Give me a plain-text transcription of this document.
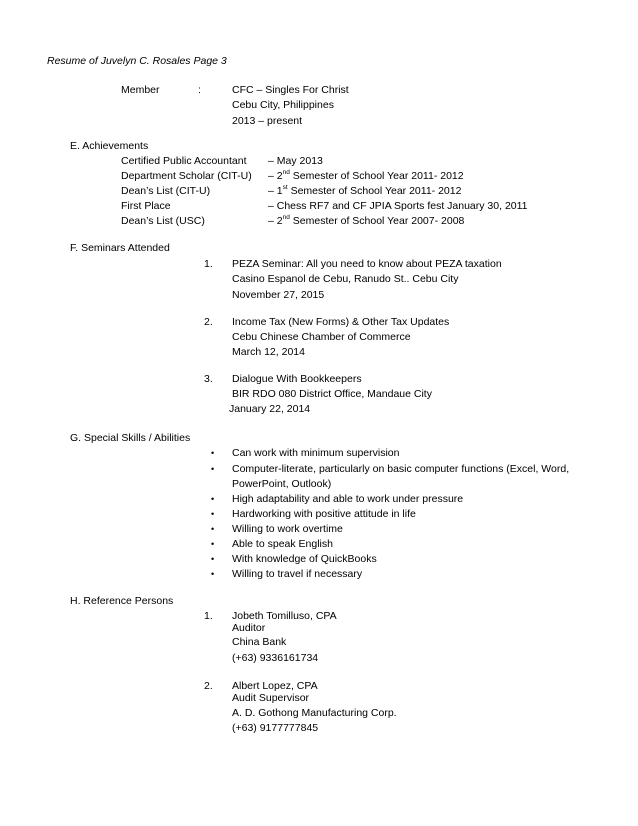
Resume of Juvelyn C. Rosales Page 3
Member	:	CFC – Singles For Christ
Cebu City, Philippines
2013 – present
E. Achievements
Certified Public Accountant – May 2013
Department Scholar (CIT-U) – 2nd Semester of School Year 2011- 2012
Dean’s List (CIT-U)	– 1st Semester of School Year 2011- 2012
First Place	– Chess RF7 and CF JPIA Sports fest January 30, 2011
Dean’s List (USC)	– 2nd Semester of School Year 2007- 2008
F. Seminars Attended
1. PEZA Seminar: All you need to know about PEZA taxation
Casino Espanol de Cebu, Ranudo St.. Cebu City
November 27, 2015
2. Income Tax (New Forms) & Other Tax Updates
Cebu Chinese Chamber of Commerce
March 12, 2014
3. Dialogue With Bookkeepers
BIR RDO 080 District Office, Mandaue City
January 22, 2014
G. Special Skills / Abilities
• Can work with minimum supervision
• Computer-literate, particularly on basic computer functions (Excel, Word,
PowerPoint, Outlook)
• High adaptability and able to work under pressure
• Hardworking with positive attitude in life
• Willing to work overtime
• Able to speak English
• With knowledge of QuickBooks
• Willing to travel if necessary
H. Reference Persons
1. Jobeth Tomilluso, CPA
Auditor
China Bank
(+63) 9336161734
2. Albert Lopez, CPA
Audit Supervisor
A. D. Gothong Manufacturing Corp.
(+63) 9177777845
